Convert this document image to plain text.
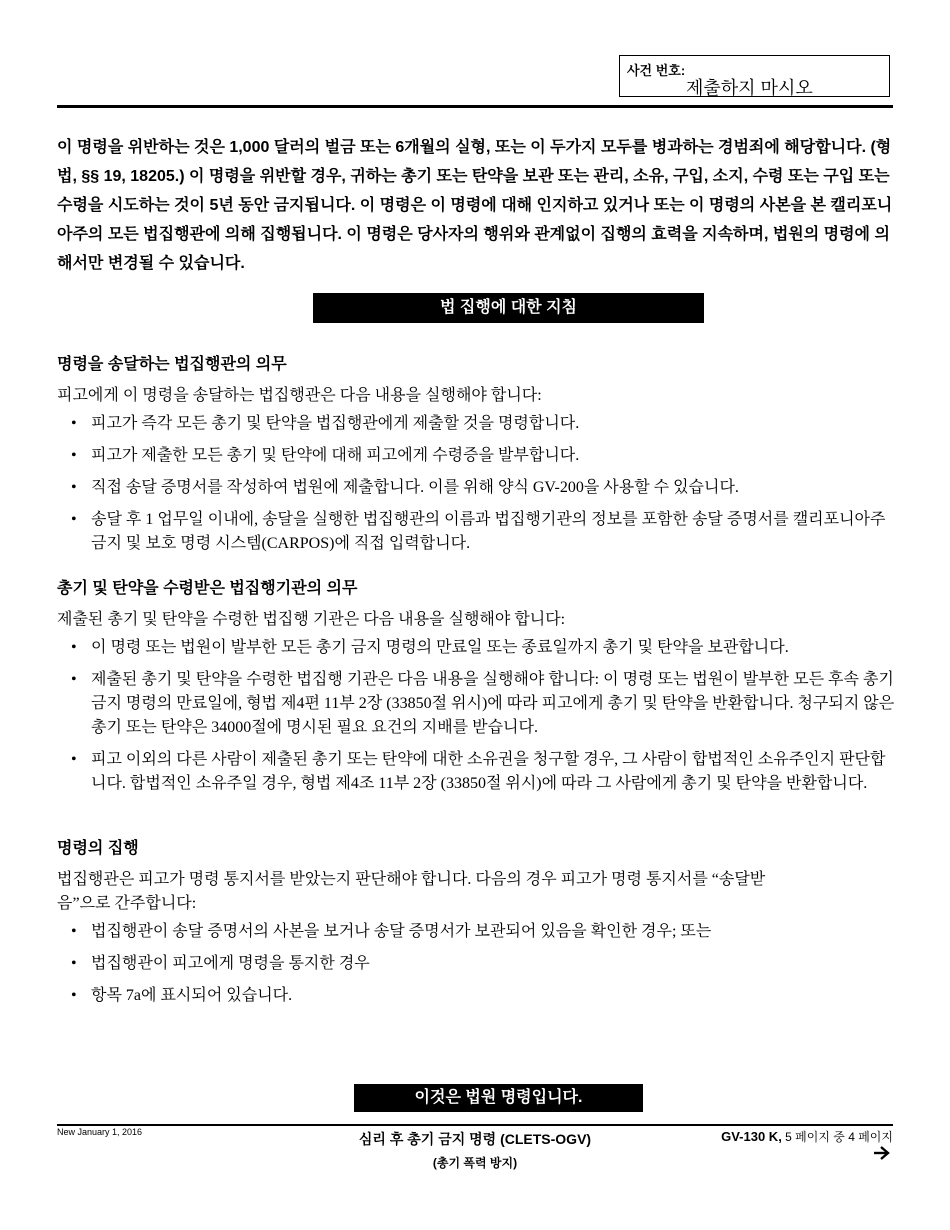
사건 번호:
제출하지 마시오
이 명령을 위반하는 것은 1,000 달러의 벌금 또는 6개월의 실형, 또는 이 두가지 모두를 병과하는 경범죄에 해당합니다. (형법, §§ 19, 18205.) 이 명령을 위반할 경우, 귀하는 총기 또는 탄약을 보관 또는 관리, 소유, 구입, 소지, 수령 또는 구입 또는 수령을 시도하는 것이 5년 동안 금지됩니다. 이 명령은 이 명령에 대해 인지하고 있거나 또는 이 명령의 사본을 본 캘리포니아주의 모든 법집행관에 의해 집행됩니다. 이 명령은 당사자의 행위와 관계없이 집행의 효력을 지속하며, 법원의 명령에 의해서만 변경될 수 있습니다.
법 집행에 대한 지침
명령을 송달하는 법집행관의 의무
피고에게 이 명령을 송달하는 법집행관은 다음 내용을 실행해야 합니다:
• 피고가 즉각 모든 총기 및 탄약을 법집행관에게 제출할 것을 명령합니다.
• 피고가 제출한 모든 총기 및 탄약에 대해 피고에게 수령증을 발부합니다.
• 직접 송달 증명서를 작성하여 법원에 제출합니다. 이를 위해 양식 GV-200을 사용할 수 있습니다.
• 송달 후 1 업무일 이내에, 송달을 실행한 법집행관의 이름과 법집행기관의 정보를 포함한 송달 증명서를 캘리포니아주 금지 및 보호 명령 시스템(CARPOS)에 직접 입력합니다.
총기 및 탄약을 수령받은 법집행기관의 의무
제출된 총기 및 탄약을 수령한 법집행 기관은 다음 내용을 실행해야 합니다:
• 이 명령 또는 법원이 발부한 모든 총기 금지 명령의 만료일 또는 종료일까지 총기 및 탄약을 보관합니다.
• 제출된 총기 및 탄약을 수령한 법집행 기관은 다음 내용을 실행해야 합니다: 이 명령 또는 법원이 발부한 모든 후속 총기 금지 명령의 만료일에, 형법 제4편 11부 2장 (33850절 위시)에 따라 피고에게 총기 및 탄약을 반환합니다. 청구되지 않은 총기 또는 탄약은 34000절에 명시된 필요 요건의 지배를 받습니다.
• 피고 이외의 다른 사람이 제출된 총기 또는 탄약에 대한 소유권을 청구할 경우, 그 사람이 합법적인 소유주인지 판단합니다. 합법적인 소유주일 경우, 형법 제4조 11부 2장 (33850절 위시)에 따라 그 사람에게 총기 및 탄약을 반환합니다.
명령의 집행
법집행관은 피고가 명령 통지서를 받았는지 판단해야 합니다. 다음의 경우 피고가 명령 통지서를 “송달받음”으로 간주합니다:
• 법집행관이 송달 증명서의 사본을 보거나 송달 증명서가 보관되어 있음을 확인한 경우; 또는
• 법집행관이 피고에게 명령을 통지한 경우
• 항목 7a에 표시되어 있습니다.
이것은 법원 명령입니다.
New January 1, 2016	심리 후 총기 금지 명령 (CLETS-OGV)
(총기 폭력 방지)
GV-130 K, 5 페이지 중 4 페이지
